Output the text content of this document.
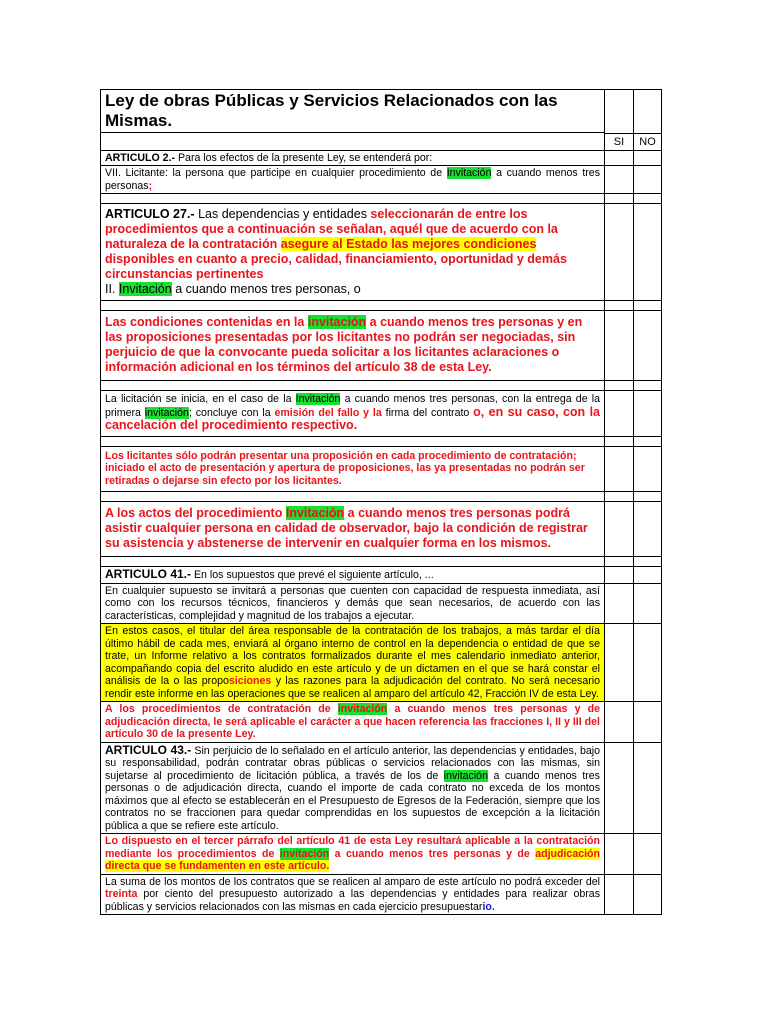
Ley de obras Públicas y Servicios Relacionados con las Mismas.		

	SI	NO
ARTICULO 2.- Para los efectos de la presente Ley, se entenderá por:		
VII. Licitante: la persona que participe en cualquier procedimiento de Invitación a cuando menos tres personas;		

ARTICULO 27.- Las dependencias y entidades seleccionarán de entre los procedimientos que a continuación se señalan, aquél que de acuerdo con la naturaleza de la contratación asegure al Estado las mejores condiciones disponibles en cuanto a precio, calidad, financiamiento, oportunidad y demás circunstancias pertinentes
II. Invitación a cuando menos tres personas, o		

Las condiciones contenidas en la invitación a cuando menos tres personas y en las proposiciones presentadas por los licitantes no podrán ser negociadas, sin perjuicio de que la convocante pueda solicitar a los licitantes aclaraciones o información adicional en los términos del artículo 38 de esta Ley.		

La licitación se inicia, en el caso de la Invitación a cuando menos tres personas, con la entrega de la primera invitación; concluye con la emisión del fallo y la firma del contrato o, en su caso, con la cancelación del procedimiento respectivo.		

Los licitantes sólo podrán presentar una proposición en cada procedimiento de contratación; iniciado el acto de presentación y apertura de proposiciones, las ya presentadas no podrán ser retiradas o dejarse sin efecto por los licitantes.		

A los actos del procedimiento Invitación a cuando menos tres personas podrá asistir cualquier persona en calidad de observador, bajo la condición de registrar su asistencia y abstenerse de intervenir en cualquier forma en los mismos.		

ARTICULO 41.- En los supuestos que prevé el siguiente artículo, ...		
En cualquier supuesto se invitará a personas que cuenten con capacidad de respuesta inmediata, así como con los recursos técnicos, financieros y demás que sean necesarios, de acuerdo con las características, complejidad y magnitud de los trabajos a ejecutar.		
En estos casos, el titular del área responsable de la contratación de los trabajos, a más tardar el día último hábil de cada mes, enviará al órgano interno de control en la dependencia o entidad de que se trate, un Informe relativo a los contratos formalizados durante el mes calendario inmediato anterior, acompañando copia del escrito aludido en este artículo y de un dictamen en el que se hará constar el análisis de la o las proposiciones y las razones para la adjudicación del contrato. No será necesario rendir este informe en las operaciones que se realicen al amparo del artículo 42, Fracción IV de esta Ley.		
A los procedimientos de contratación de invitación a cuando menos tres personas y de adjudicación directa, le será aplicable el carácter a que hacen referencia las fracciones I, II y III del artículo 30 de la presente Ley.		
ARTICULO 43.- Sin perjuicio de lo señalado en el artículo anterior, las dependencias y entidades, bajo su responsabilidad, podrán contratar obras públicas o servicios relacionados con las mismas, sin sujetarse al procedimiento de licitación pública, a través de los de invitación a cuando menos tres personas o de adjudicación directa, cuando el importe de cada contrato no exceda de los montos máximos que al efecto se establecerán en el Presupuesto de Egresos de la Federación, siempre que los contratos no se fraccionen para quedar comprendidas en los supuestos de excepción a la licitación pública a que se refiere este artículo.		
Lo dispuesto en el tercer párrafo del artículo 41 de esta Ley resultará aplicable a la contratación mediante los procedimientos de invitación a cuando menos tres personas y de adjudicación directa que se fundamenten en este artículo.		
La suma de los montos de los contratos que se realicen al amparo de este artículo no podrá exceder del treinta por ciento del presupuesto autorizado a las dependencias y entidades para realizar obras públicas y servicios relacionados con las mismas en cada ejercicio presupuestario.		
